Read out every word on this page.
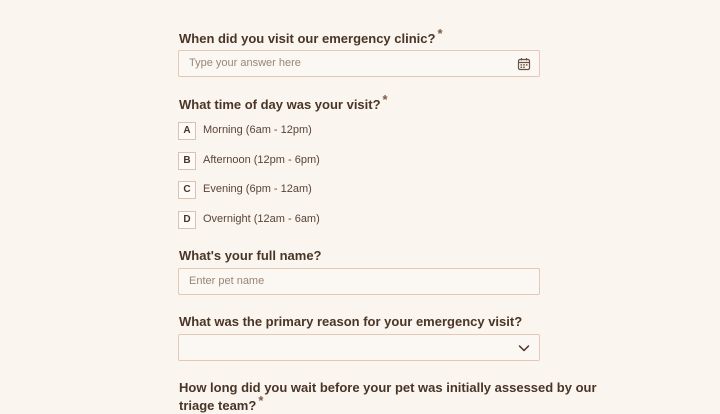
When did you visit our emergency clinic? *
Type your answer here
What time of day was your visit? *
A	Morning (6am - 12pm)
B	Afternoon (12pm - 6pm)
C	Evening (6pm - 12am)
D	Overnight (12am - 6am)
What's your full name?
Enter pet name
What was the primary reason for your emergency visit?
How long did you wait before your pet was initially assessed by our
triage team? *
